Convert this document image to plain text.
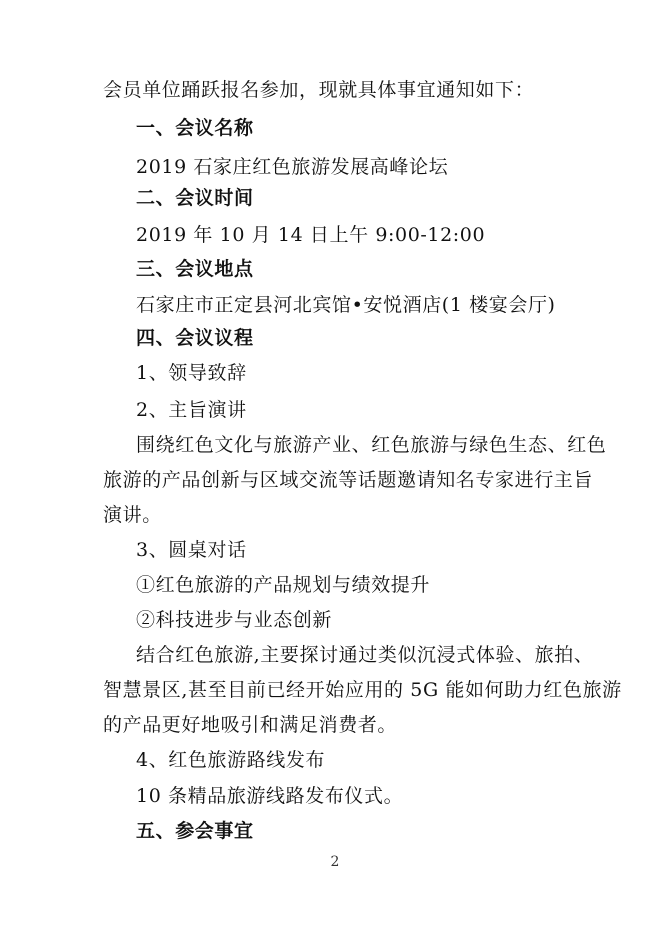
会员单位踊跃报名参加，现就具体事宜通知如下：
一、会议名称
2019 石家庄红色旅游发展高峰论坛
二、会议时间
2019 年 10 月 14 日上午 9:00-12:00
三、会议地点
石家庄市正定县河北宾馆•安悦酒店(1 楼宴会厅)
四、会议议程
1、领导致辞
2、主旨演讲
围绕红色文化与旅游产业、红色旅游与绿色生态、红色
旅游的产品创新与区域交流等话题邀请知名专家进行主旨
演讲。
3、圆桌对话
①红色旅游的产品规划与绩效提升
②科技进步与业态创新
结合红色旅游,主要探讨通过类似沉浸式体验、旅拍、
智慧景区,甚至目前已经开始应用的 5G 能如何助力红色旅游
的产品更好地吸引和满足消费者。
4、红色旅游路线发布
10 条精品旅游线路发布仪式。
五、参会事宜
2
